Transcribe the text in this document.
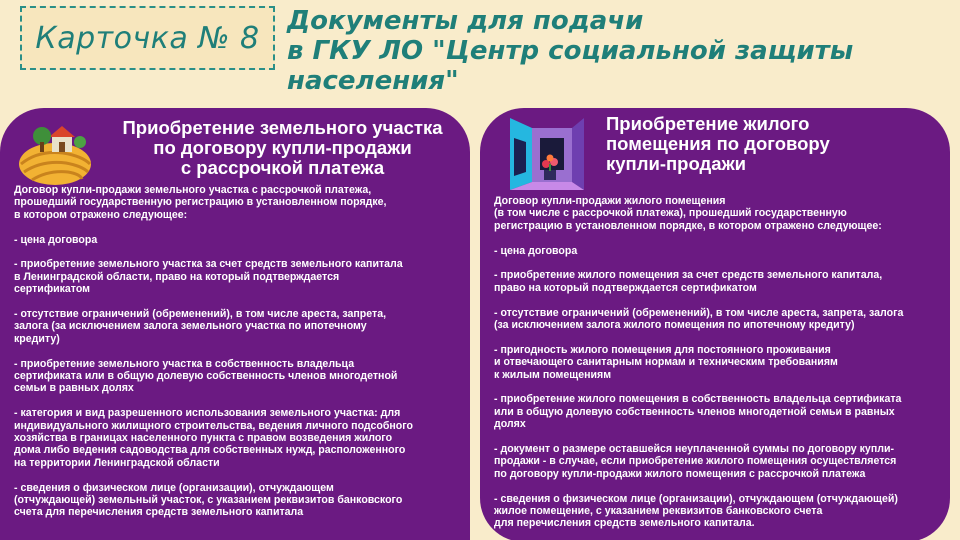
Карточка № 8 Документы для подачи
в ГКУ ЛО "Центр социальной защиты
населения"
Приобретение земельного участка
по договору купли-продажи
с рассрочкой платежа

Договор купли-продажи земельного участка с рассрочкой платежа,
прошедший государственную регистрацию в установленном порядке,
в котором отражено следующее:

- цена договора

- приобретение земельного участка за счет средств земельного капитала
в Ленинградской области, право на который подтверждается
сертификатом

- отсутствие ограничений (обременений), в том числе ареста, запрета,
залога (за исключением залога земельного участка по ипотечному
кредиту)

- приобретение земельного участка в собственность владельца
сертификата или в общую долевую собственность членов многодетной
семьи в равных долях

- категория и вид разрешенного использования земельного участка: для
индивидуального жилищного строительства, ведения личного подсобного
хозяйства в границах населенного пункта с правом возведения жилого
дома либо ведения садоводства для собственных нужд, расположенного
на территории Ленинградской области

- сведения о физическом лице (организации), отчуждающем
(отчуждающей) земельный участок, с указанием реквизитов банковского
счета для перечисления средств земельного капитала

Приобретение жилого
помещения по договору
купли-продажи

Договор купли-продажи жилого помещения
(в том числе с рассрочкой платежа), прошедший государственную
регистрацию в установленном порядке, в котором отражено следующее:

- цена договора

- приобретение жилого помещения за счет средств земельного капитала,
право на который подтверждается сертификатом

- отсутствие ограничений (обременений), в том числе ареста, запрета, залога
(за исключением залога жилого помещения по ипотечному кредиту)

- пригодность жилого помещения для постоянного проживания
и отвечающего санитарным нормам и техническим требованиям
к жилым помещениям

- приобретение жилого помещения в собственность владельца сертификата
или в общую долевую собственность членов многодетной семьи в равных
долях

- документ о размере оставшейся неуплаченной суммы по договору купли-
продажи - в случае, если приобретение жилого помещения осуществляется
по договору купли-продажи жилого помещения с рассрочкой платежа

- сведения о физическом лице (организации), отчуждающем (отчуждающей)
жилое помещение, с указанием реквизитов банковского счета
для перечисления средств земельного капитала.
